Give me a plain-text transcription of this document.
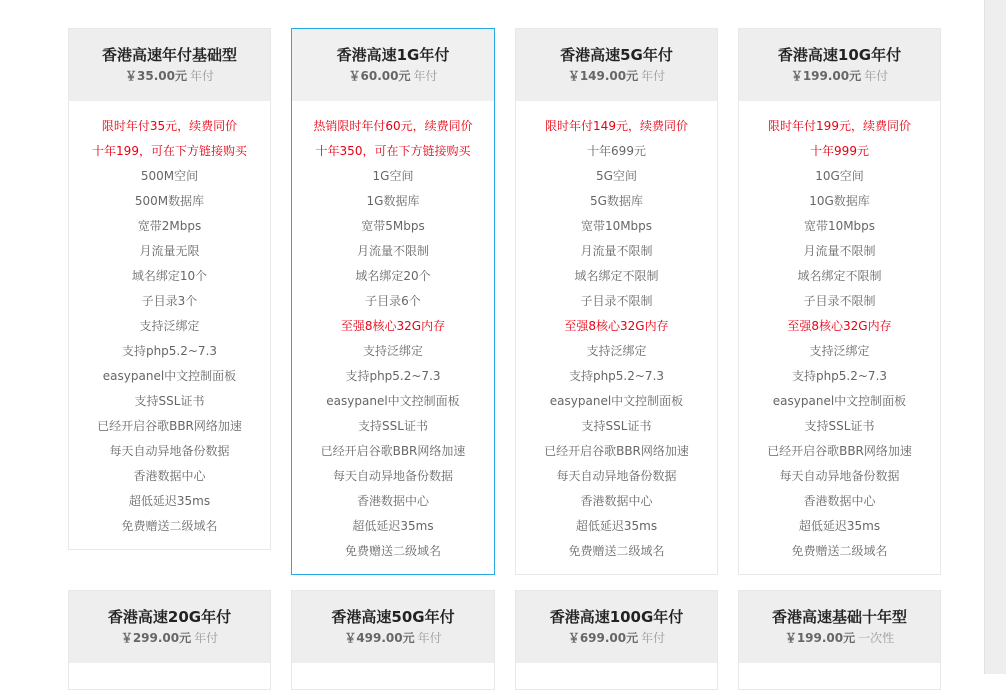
香港高速年付基础型
￥35.00元 年付
限时年付35元，续费同价
十年199，可在下方链接购买
500M空间
500M数据库
宽带2Mbps
月流量无限
域名绑定10个
子目录3个
支持泛绑定
支持php5.2~7.3
easypanel中文控制面板
支持SSL证书
已经开启谷歌BBR网络加速
每天自动异地备份数据
香港数据中心
超低延迟35ms
免费赠送二级域名
香港高速1G年付
￥60.00元 年付
热销限时年付60元，续费同价
十年350，可在下方链接购买
1G空间
1G数据库
宽带5Mbps
月流量不限制
域名绑定20个
子目录6个
至强8核心32G内存
支持泛绑定
支持php5.2~7.3
easypanel中文控制面板
支持SSL证书
已经开启谷歌BBR网络加速
每天自动异地备份数据
香港数据中心
超低延迟35ms
免费赠送二级域名
香港高速5G年付
￥149.00元 年付
限时年付149元，续费同价
十年699元
5G空间
5G数据库
宽带10Mbps
月流量不限制
域名绑定不限制
子目录不限制
至强8核心32G内存
支持泛绑定
支持php5.2~7.3
easypanel中文控制面板
支持SSL证书
已经开启谷歌BBR网络加速
每天自动异地备份数据
香港数据中心
超低延迟35ms
免费赠送二级域名
香港高速10G年付
￥199.00元 年付
限时年付199元，续费同价
十年999元
10G空间
10G数据库
宽带10Mbps
月流量不限制
域名绑定不限制
子目录不限制
至强8核心32G内存
支持泛绑定
支持php5.2~7.3
easypanel中文控制面板
支持SSL证书
已经开启谷歌BBR网络加速
每天自动异地备份数据
香港数据中心
超低延迟35ms
免费赠送二级域名
香港高速20G年付
￥299.00元 年付
香港高速50G年付
￥499.00元 年付
香港高速100G年付
￥699.00元 年付
香港高速基础十年型
￥199.00元 一次性
